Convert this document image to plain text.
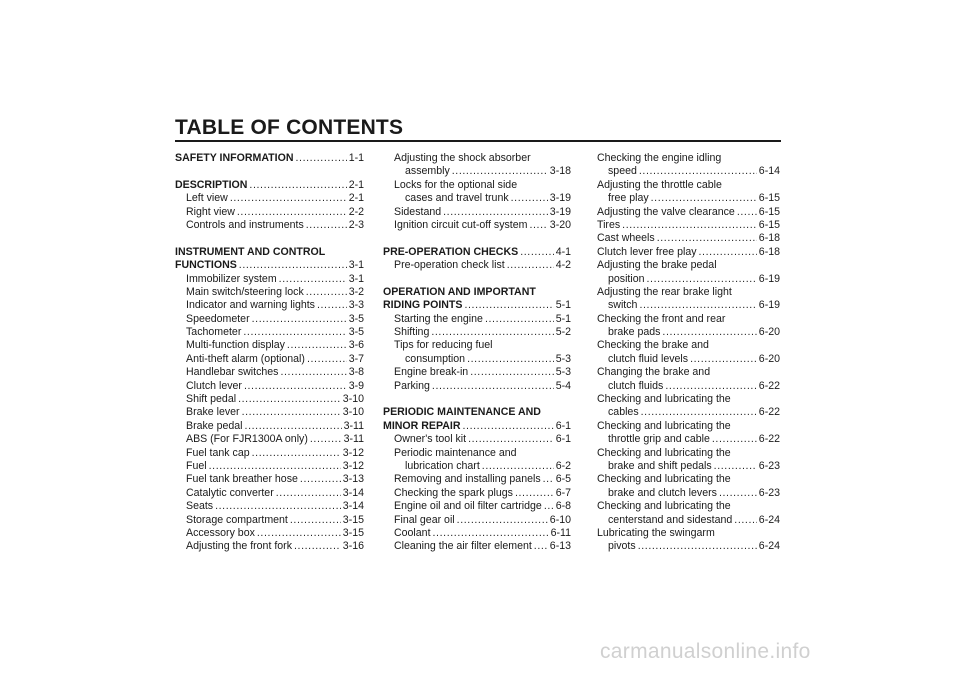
TABLE OF CONTENTS
SAFETY INFORMATION .....	1-1
DESCRIPTION .....	2-1
Left view .....	2-1
Right view .....	2-2
Controls and instruments .....	2-3
INSTRUMENT AND CONTROL
FUNCTIONS .....	3-1
Immobilizer system .....	3-1
Main switch/steering lock .....	3-2
Indicator and warning lights .....	3-3
Speedometer .....	3-5
Tachometer .....	3-5
Multi-function display .....	3-6
Anti-theft alarm (optional) .....	3-7
Handlebar switches .....	3-8
Clutch lever .....	3-9
Shift pedal .....	3-10
Brake lever .....	3-10
Brake pedal .....	3-11
ABS (For FJR1300A only) .....	3-11
Fuel tank cap .....	3-12
Fuel .....	3-12
Fuel tank breather hose .....	3-13
Catalytic converter .....	3-14
Seats .....	3-14
Storage compartment .....	3-15
Accessory box .....	3-15
Adjusting the front fork .....	3-16
Adjusting the shock absorber
assembly .....	3-18
Locks for the optional side
cases and travel trunk .....	3-19
Sidestand .....	3-19
Ignition circuit cut-off system ..... 3-20
PRE-OPERATION CHECKS .....	4-1
Pre-operation check list .....	4-2
OPERATION AND IMPORTANT
RIDING POINTS .....	5-1
Starting the engine .....	5-1
Shifting .....	5-2
Tips for reducing fuel
consumption .....	5-3
Engine break-in .....	5-3
Parking .....	5-4
PERIODIC MAINTENANCE AND
MINOR REPAIR .....	6-1
Owner's tool kit .....	6-1
Periodic maintenance and
lubrication chart .....	6-2
Removing and installing panels ..... 6-5
Checking the spark plugs .....	6-7
Engine oil and oil filter cartridge ..... 6-8
Final gear oil .....	6-10
Coolant .....	6-11
Cleaning the air filter element ..... 6-13
Checking the engine idling
speed .....	6-14
Adjusting the throttle cable
free play .....	6-15
Adjusting the valve clearance ..... 6-15
Tires .....	6-15
Cast wheels .....	6-18
Clutch lever free play .....	6-18
Adjusting the brake pedal
position .....	6-19
Adjusting the rear brake light
switch .....	6-19
Checking the front and rear
brake pads .....	6-20
Checking the brake and
clutch fluid levels .....	6-20
Changing the brake and
clutch fluids .....	6-22
Checking and lubricating the
cables .....	6-22
Checking and lubricating the
throttle grip and cable .....	6-22
Checking and lubricating the
brake and shift pedals .....	6-23
Checking and lubricating the
brake and clutch levers .....	6-23
Checking and lubricating the
centerstand and sidestand .....	6-24
Lubricating the swingarm
pivots .....	6-24
carmanualsonline.info
